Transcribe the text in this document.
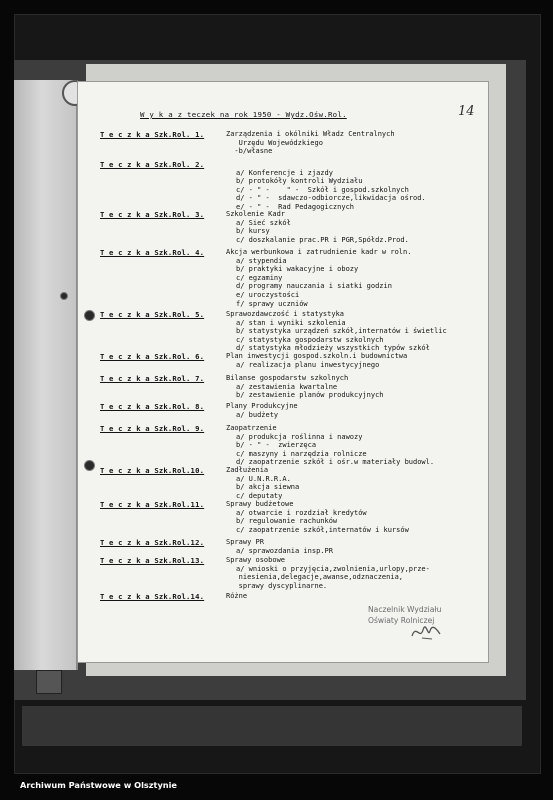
W y k a z teczek na rok 1950 - Wydz.Ośw.Rol.	14
Naczelnik Wydziału
Oświaty Rolniczej
T e c z k a Szk.Rol. 1.	Zarządzenia i okólniki Władz Centralnych
Urzędu Wojewódzkiego
-b/własne
T e c z k a Szk.Rol. 2.
a/ Konferencje i zjazdy
b/ protokóły kontroli Wydziału
c/ - " -    " -  Szkół i gospod.szkolnych
d/ - " -  sdawczo-odbiorcze,likwidacja ośrod.
e/ - " -  Rad Pedagogicznych
T e c z k a Szk.Rol. 3.	Szkolenie Kadr
a/ Sieć szkół
b/ kursy
c/ doszkalanie prac.PR i PGR,Spółdz.Prod.
T e c z k a Szk.Rol. 4.	Akcja werbunkowa i zatrudnienie kadr w roln.
a/ stypendia
b/ praktyki wakacyjne i obozy
c/ egzaminy
d/ programy nauczania i siatki godzin
e/ uroczystości
f/ sprawy uczniów
T e c z k a Szk.Rol. 5.	Sprawozdawczość i statystyka
a/ stan i wyniki szkolenia
b/ statystyka urządzeń szkół,internatów i świetlic
c/ statystyka gospodarstw szkolnych
d/ statystyka młodzieży wszystkich typów szkół
T e c z k a Szk.Rol. 6.	Plan inwestycji gospod.szkoln.i budownictwa
a/ realizacja planu inwestycyjnego
T e c z k a Szk.Rol. 7.	Bilanse gospodarstw szkolnych
a/ zestawienia kwartalne
b/ zestawienie planów produkcyjnych
T e c z k a Szk.Rol. 8.	Plany Produkcyjne
a/ budżety
T e c z k a Szk.Rol. 9.	Zaopatrzenie
a/ produkcja roślinna i nawozy
b/ - " -  zwierzęca
c/ maszyny i narzędzia rolnicze
d/ zaopatrzenie szkół i ośr.w materiały budowl.
T e c z k a Szk.Rol.10.	Zadłużenia
a/ U.N.R.R.A.
b/ akcja siewna
c/ deputaty
T e c z k a Szk.Rol.11.	Sprawy budżetowe
a/ otwarcie i rozdział kredytów
b/ regulowanie rachunków
c/ zaopatrzenie szkół,internatów i kursów
T e c z k a Szk.Rol.12.	Sprawy PR
a/ sprawozdania insp.PR
T e c z k a Szk.Rol.13.	Sprawy osobowe
a/ wnioski o przyjęcia,zwolnienia,urlopy,prze-
niesienia,delegacje,awanse,odznaczenia,
sprawy dyscyplinarne.
T e c z k a Szk.Rol.14.	Różne
Archiwum Państwowe w Olsztynie
